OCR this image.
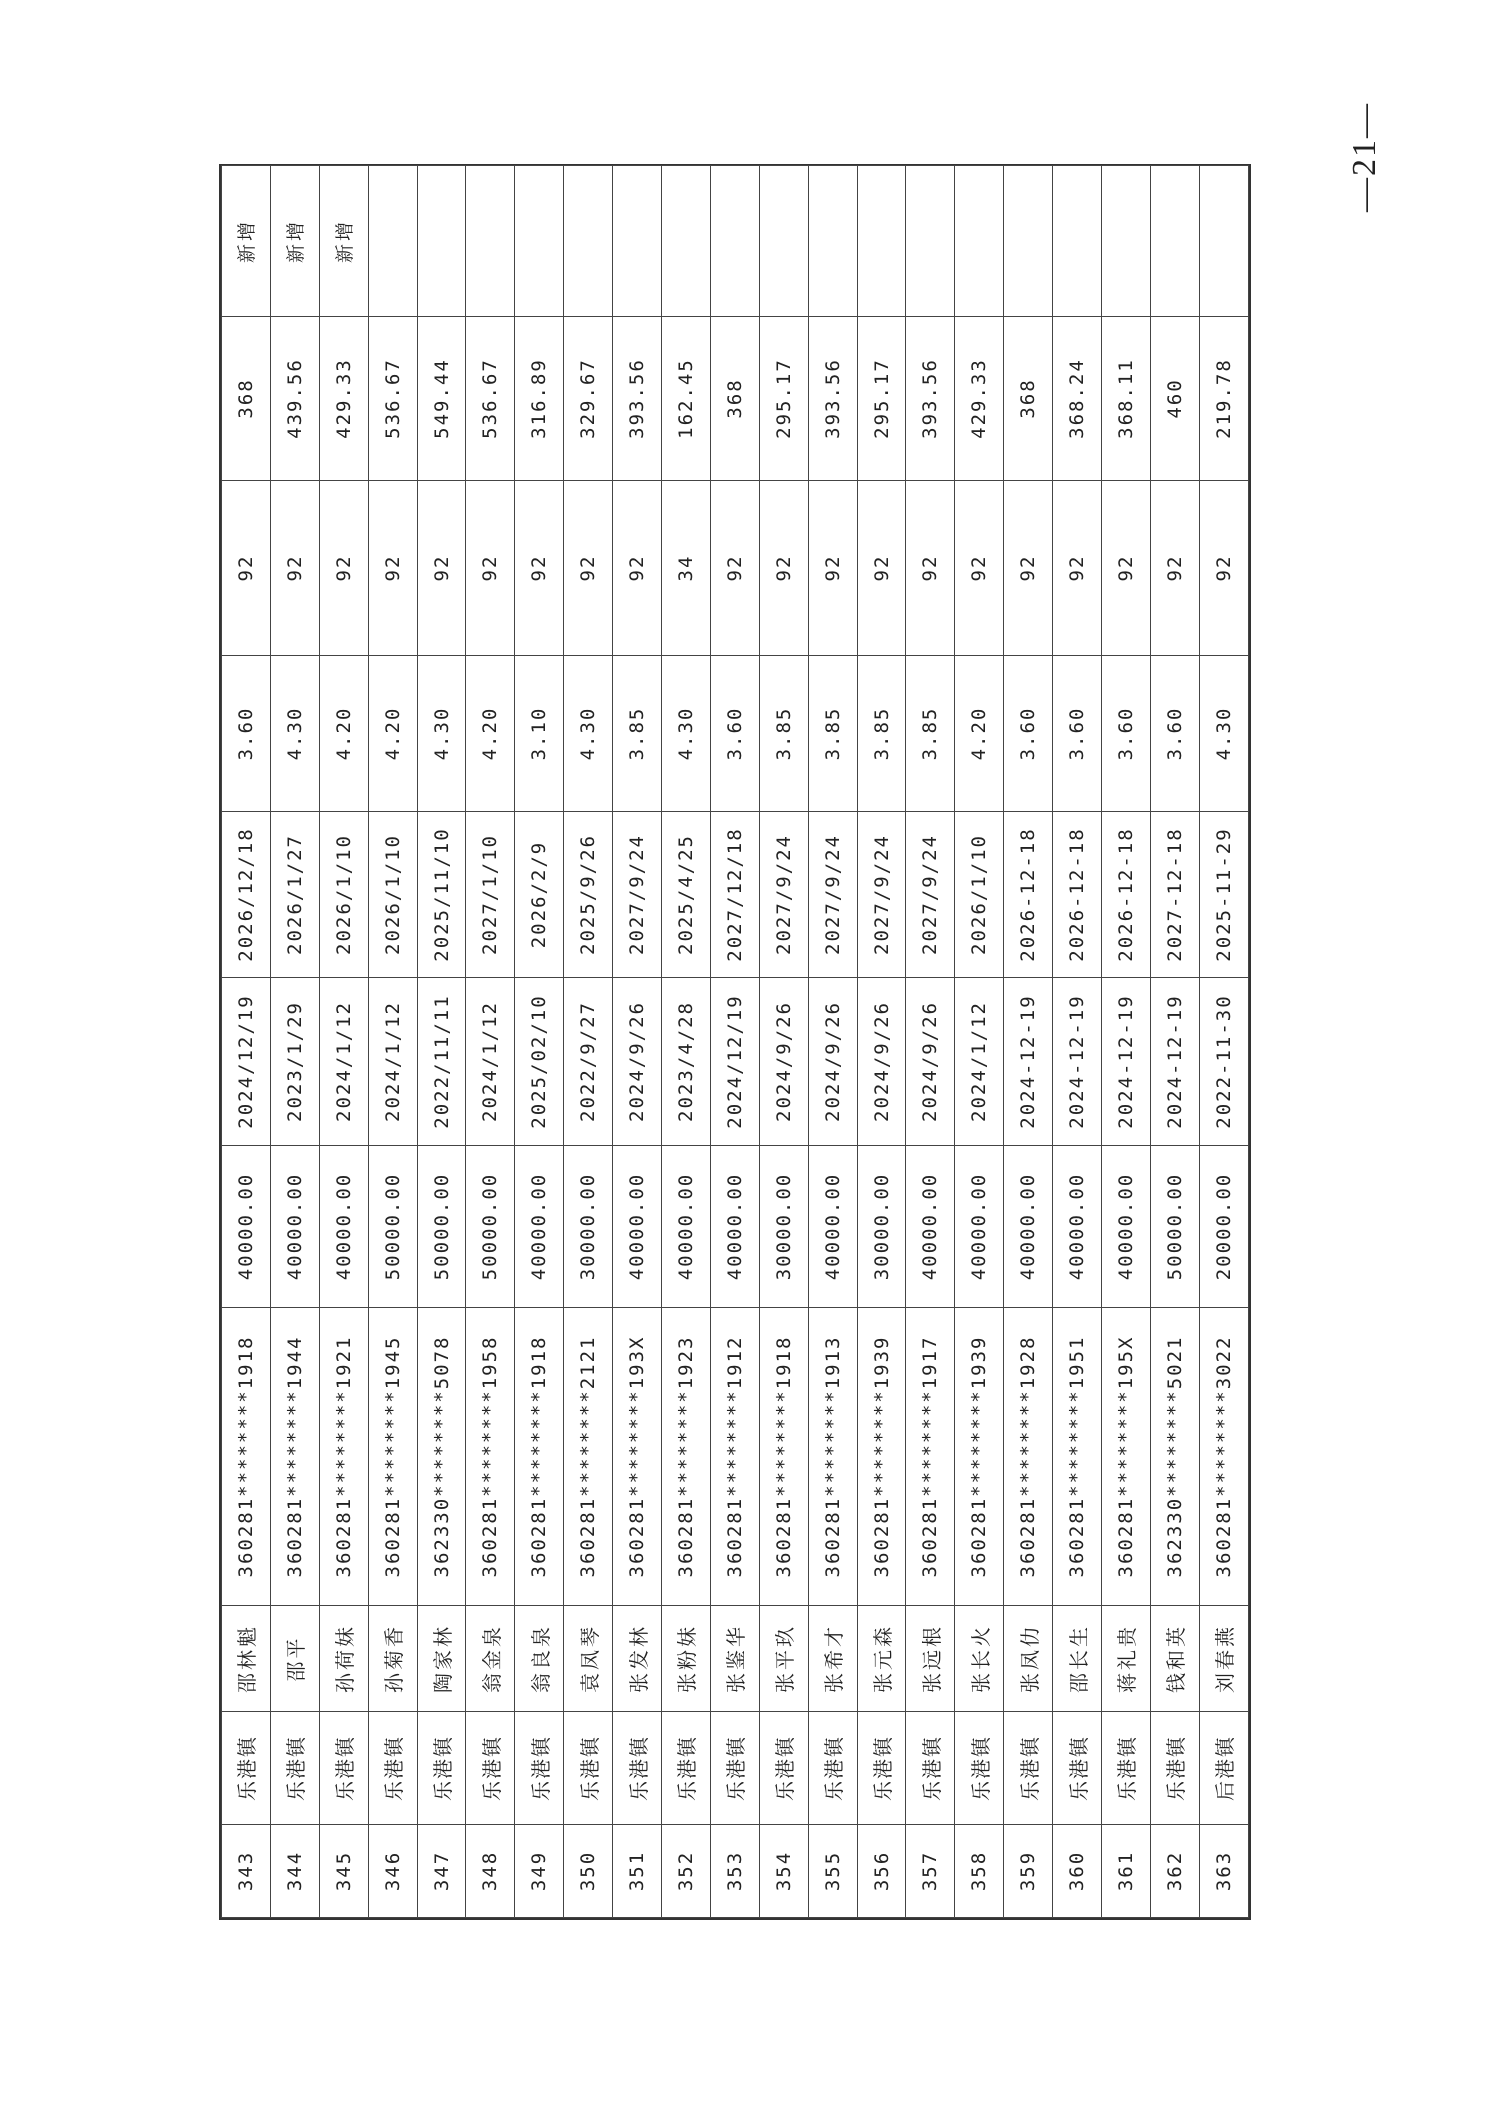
343	乐港镇	邵林魁	360281********1918	40000.00	2024/12/19	2026/12/18	3.60	92	368	新增
344	乐港镇	邵平	360281********1944	40000.00	2023/1/29	2026/1/27	4.30	92	439.56	新增
345	乐港镇	孙荷妹	360281********1921	40000.00	2024/1/12	2026/1/10	4.20	92	429.33	新增
346	乐港镇	孙菊香	360281********1945	50000.00	2024/1/12	2026/1/10	4.20	92	536.67	
347	乐港镇	陶家林	362330********5078	50000.00	2022/11/11	2025/11/10	4.30	92	549.44	
348	乐港镇	翁金泉	360281********1958	50000.00	2024/1/12	2027/1/10	4.20	92	536.67	
349	乐港镇	翁良泉	360281********1918	40000.00	2025/02/10	2026/2/9	3.10	92	316.89	
350	乐港镇	袁凤琴	360281********2121	30000.00	2022/9/27	2025/9/26	4.30	92	329.67	
351	乐港镇	张发林	360281********193X	40000.00	2024/9/26	2027/9/24	3.85	92	393.56	
352	乐港镇	张粉妹	360281********1923	40000.00	2023/4/28	2025/4/25	4.30	34	162.45	
353	乐港镇	张鉴华	360281********1912	40000.00	2024/12/19	2027/12/18	3.60	92	368	
354	乐港镇	张平玖	360281********1918	30000.00	2024/9/26	2027/9/24	3.85	92	295.17	
355	乐港镇	张希才	360281********1913	40000.00	2024/9/26	2027/9/24	3.85	92	393.56	
356	乐港镇	张元森	360281********1939	30000.00	2024/9/26	2027/9/24	3.85	92	295.17	
357	乐港镇	张远根	360281********1917	40000.00	2024/9/26	2027/9/24	3.85	92	393.56	
358	乐港镇	张长火	360281********1939	40000.00	2024/1/12	2026/1/10	4.20	92	429.33	
359	乐港镇	张凤仂	360281********1928	40000.00	2024-12-19	2026-12-18	3.60	92	368	
360	乐港镇	邵长生	360281********1951	40000.00	2024-12-19	2026-12-18	3.60	92	368.24	
361	乐港镇	蒋礼贵	360281********195X	40000.00	2024-12-19	2026-12-18	3.60	92	368.11	
362	乐港镇	钱和英	362330********5021	50000.00	2024-12-19	2027-12-18	3.60	92	460	
363	后港镇	刘春燕	360281********3022	20000.00	2022-11-30	2025-11-29	4.30	92	219.78	
—21—
